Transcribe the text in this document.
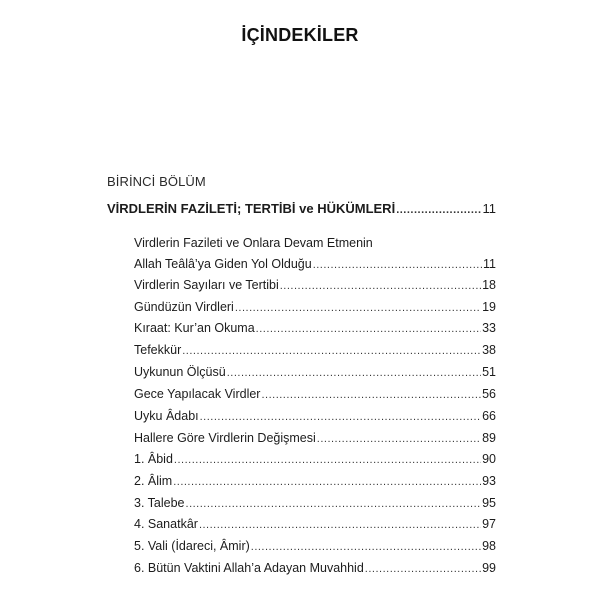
İÇİNDEKİLER
BİRİNCİ BÖLÜM
VİRDLERİN FAZİLETİ; TERTİBİ ve HÜKÜMLERİ .....	11
Virdlerin Fazileti ve Onlara Devam Etmenin
Allah Teâlâ’ya Giden Yol Olduğu .....	11
Virdlerin Sayıları ve Tertibi .....	18
Gündüzün Virdleri .....	19
Kıraat: Kur’an Okuma .....	33
Tefekkür .....	38
Uykunun Ölçüsü .....	51
Gece Yapılacak Virdler .....	56
Uyku Âdabı .....	66
Hallere Göre Virdlerin Değişmesi .....	89
1. Âbid .....	90
2. Âlim .....	93
3. Talebe .....	95
4. Sanatkâr .....	97
5. Vali (İdareci, Âmir) .....	98
6. Bütün Vaktini Allah’a Adayan Muvahhid .....	99
